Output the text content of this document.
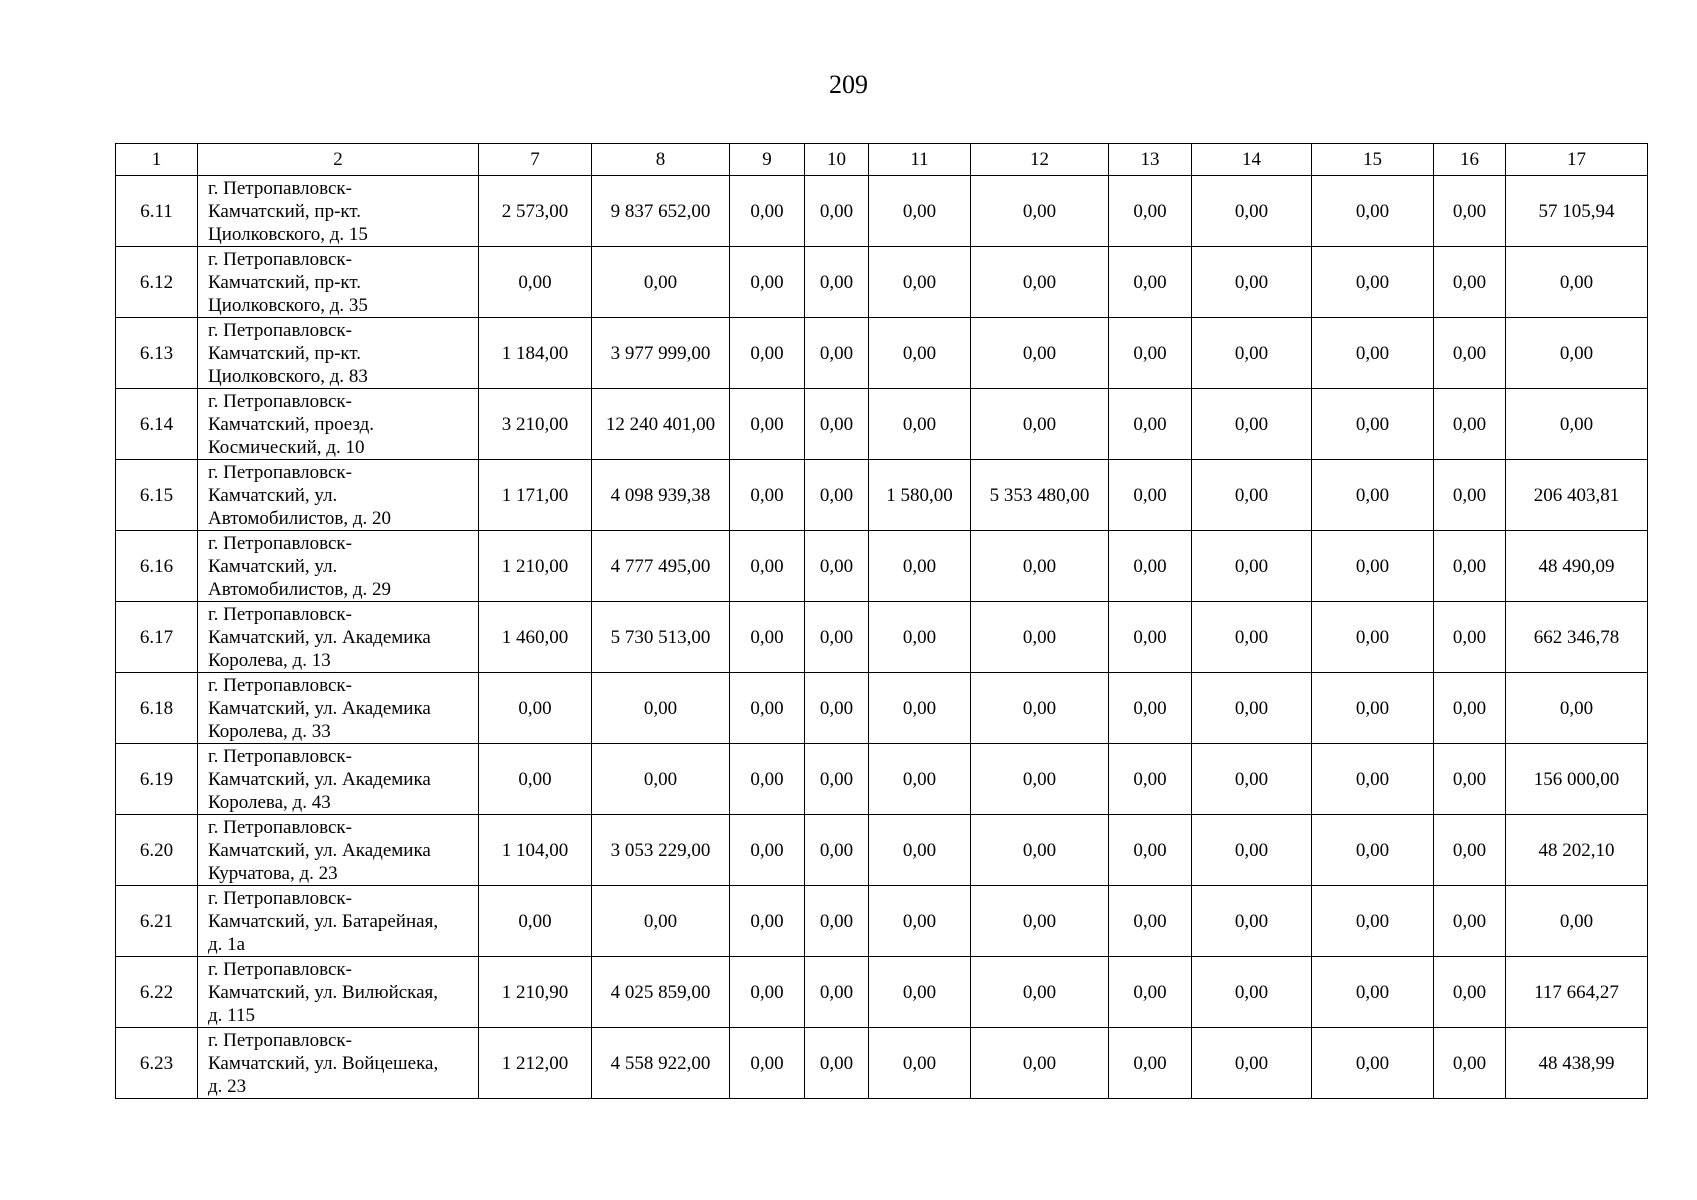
209
1	2	7	8	9	10	11	12	13	14	15	16	17
6.11	г. Петропавловск-
Камчатский, пр-кт.
Циолковского, д. 15	2 573,00	9 837 652,00	0,00	0,00	0,00	0,00	0,00	0,00	0,00	0,00	57 105,94
6.12	г. Петропавловск-
Камчатский, пр-кт.
Циолковского, д. 35	0,00	0,00	0,00	0,00	0,00	0,00	0,00	0,00	0,00	0,00	0,00
6.13	г. Петропавловск-
Камчатский, пр-кт.
Циолковского, д. 83	1 184,00	3 977 999,00	0,00	0,00	0,00	0,00	0,00	0,00	0,00	0,00	0,00
6.14	г. Петропавловск-
Камчатский, проезд.
Космический, д. 10	3 210,00	12 240 401,00	0,00	0,00	0,00	0,00	0,00	0,00	0,00	0,00	0,00
6.15	г. Петропавловск-
Камчатский, ул.
Автомобилистов, д. 20	1 171,00	4 098 939,38	0,00	0,00	1 580,00	5 353 480,00	0,00	0,00	0,00	0,00	206 403,81
6.16	г. Петропавловск-
Камчатский, ул.
Автомобилистов, д. 29	1 210,00	4 777 495,00	0,00	0,00	0,00	0,00	0,00	0,00	0,00	0,00	48 490,09
6.17	г. Петропавловск-
Камчатский, ул. Академика
Королева, д. 13	1 460,00	5 730 513,00	0,00	0,00	0,00	0,00	0,00	0,00	0,00	0,00	662 346,78
6.18	г. Петропавловск-
Камчатский, ул. Академика
Королева, д. 33	0,00	0,00	0,00	0,00	0,00	0,00	0,00	0,00	0,00	0,00	0,00
6.19	г. Петропавловск-
Камчатский, ул. Академика
Королева, д. 43	0,00	0,00	0,00	0,00	0,00	0,00	0,00	0,00	0,00	0,00	156 000,00
6.20	г. Петропавловск-
Камчатский, ул. Академика
Курчатова, д. 23	1 104,00	3 053 229,00	0,00	0,00	0,00	0,00	0,00	0,00	0,00	0,00	48 202,10
6.21	г. Петропавловск-
Камчатский, ул. Батарейная,
д. 1а	0,00	0,00	0,00	0,00	0,00	0,00	0,00	0,00	0,00	0,00	0,00
6.22	г. Петропавловск-
Камчатский, ул. Вилюйская,
д. 115	1 210,90	4 025 859,00	0,00	0,00	0,00	0,00	0,00	0,00	0,00	0,00	117 664,27
6.23	г. Петропавловск-
Камчатский, ул. Войцешека,
д. 23	1 212,00	4 558 922,00	0,00	0,00	0,00	0,00	0,00	0,00	0,00	0,00	48 438,99
